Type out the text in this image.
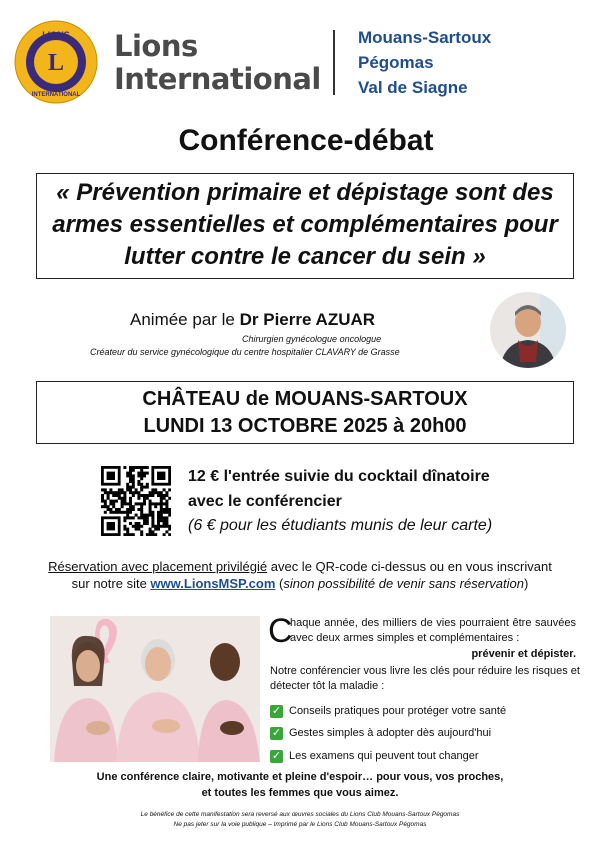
L
LIONS
INTERNATIONAL
Lions
International
Mouans-Sartoux
Pégomas
Val de Siagne
Conférence-débat
« Prévention primaire et dépistage sont des
armes essentielles et complémentaires pour
lutter contre le cancer du sein »
Animée par le Dr Pierre AZUAR
Chirurgien gynécologue oncologue
Créateur du service gynécologique du centre hospitalier CLAVARY de Grasse
CHÂTEAU de MOUANS-SARTOUX
LUNDI 13 OCTOBRE 2025 à 20h00
12 € l'entrée suivie du cocktail dînatoire
avec le conférencier
(6 € pour les étudiants munis de leur carte)
Réservation avec placement privilégié avec le QR-code ci-dessus ou en vous inscrivant
sur notre site www.LionsMSP.com (sinon possibilité de venir sans réservation)
C
haque année, des milliers de vies pourraient être sauvées avec deux armes simples et complémentaires :
prévenir et dépister.
Notre conférencier vous livre les clés pour réduire les risques et détecter tôt la maladie :
✓ Conseils pratiques pour protéger votre santé
✓ Gestes simples à adopter dès aujourd'hui
✓ Les examens qui peuvent tout changer
Une conférence claire, motivante et pleine d'espoir… pour vous, vos proches,
et toutes les femmes que vous aimez.
Le bénéfice de cette manifestation sera reversé aux œuvres sociales du Lions Club Mouans-Sartoux Pégomas
Ne pas jeter sur la voie publique – Imprimé par le Lions Club Mouans-Sartoux Pégomas
